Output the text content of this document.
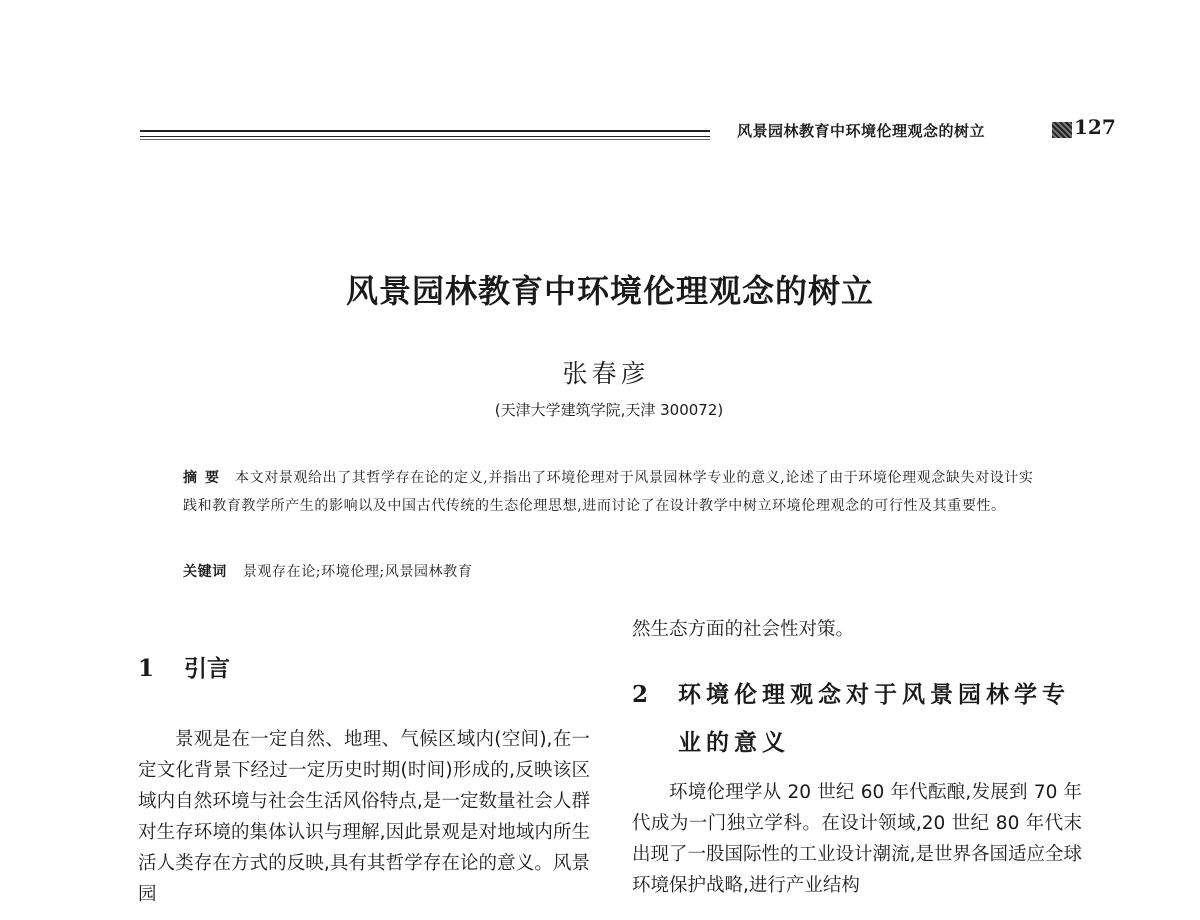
风景园林教育中环境伦理观念的树立	127
风景园林教育中环境伦理观念的树立
张春彦
(天津大学建筑学院,天津 300072)
摘要 本文对景观给出了其哲学存在论的定义,并指出了环境伦理对于风景园林学专业的意义,论述了由于环境伦理观念缺失对设计实践和教育教学所产生的影响以及中国古代传统的生态伦理思想,进而讨论了在设计教学中树立环境伦理观念的可行性及其重要性。
关键词 景观存在论;环境伦理;风景园林教育
1	引言

景观是在一定自然、地理、气候区域内(空间),在一定文化背景下经过一定历史时期(时间)形成的,反映该区域内自然环境与社会生活风俗特点,是一定数量社会人群对生存环境的集体认识与理解,因此景观是对地域内所生活人类存在方式的反映,具有其哲学存在论的意义。风景园

然生态方面的社会性对策。

2	环境伦理观念对于风景园林学专业的意义

环境伦理学从 20 世纪 60 年代酝酿,发展到 70 年代成为一门独立学科。在设计领域,20 世纪 80 年代末出现了一股国际性的工业设计潮流,是世界各国适应全球环境保护战略,进行产业结构
